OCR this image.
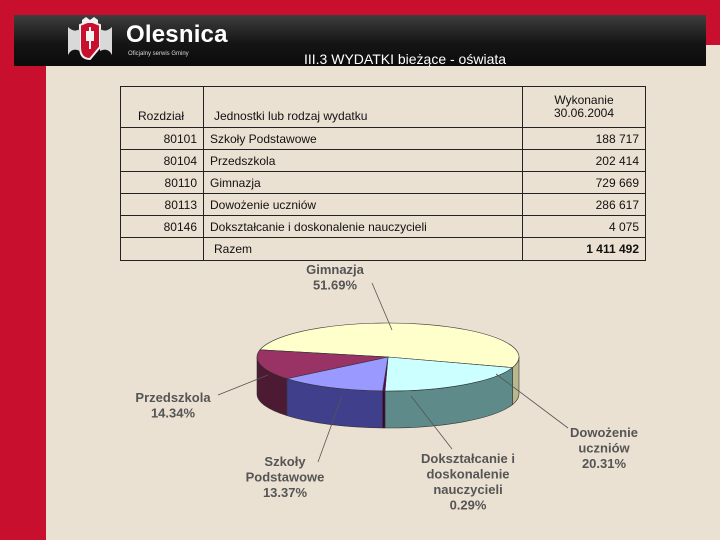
Olesnica
Oficjalny serwis Gminy	III.3 WYDATKI bieżące - oświata
Rozdział	Jednostki lub rodzaj wydatku	Wykonanie
30.06.2004

80101	Szkoły Podstawowe	188 717
80104	Przedszkola	202 414
80110	Gimnazja	729 669
80113	Dowożenie uczniów	286 617
80146	Dokształcanie i doskonalenie nauczycieli	4 075
	Razem	1 411 492
Gimnazja 51.69%
Dowożenie uczniów 20.31%
Dokształcanie i doskonalenie nauczycieli 0.29%
Szkoły Podstawowe 13.37%
Przedszkola 14.34%
